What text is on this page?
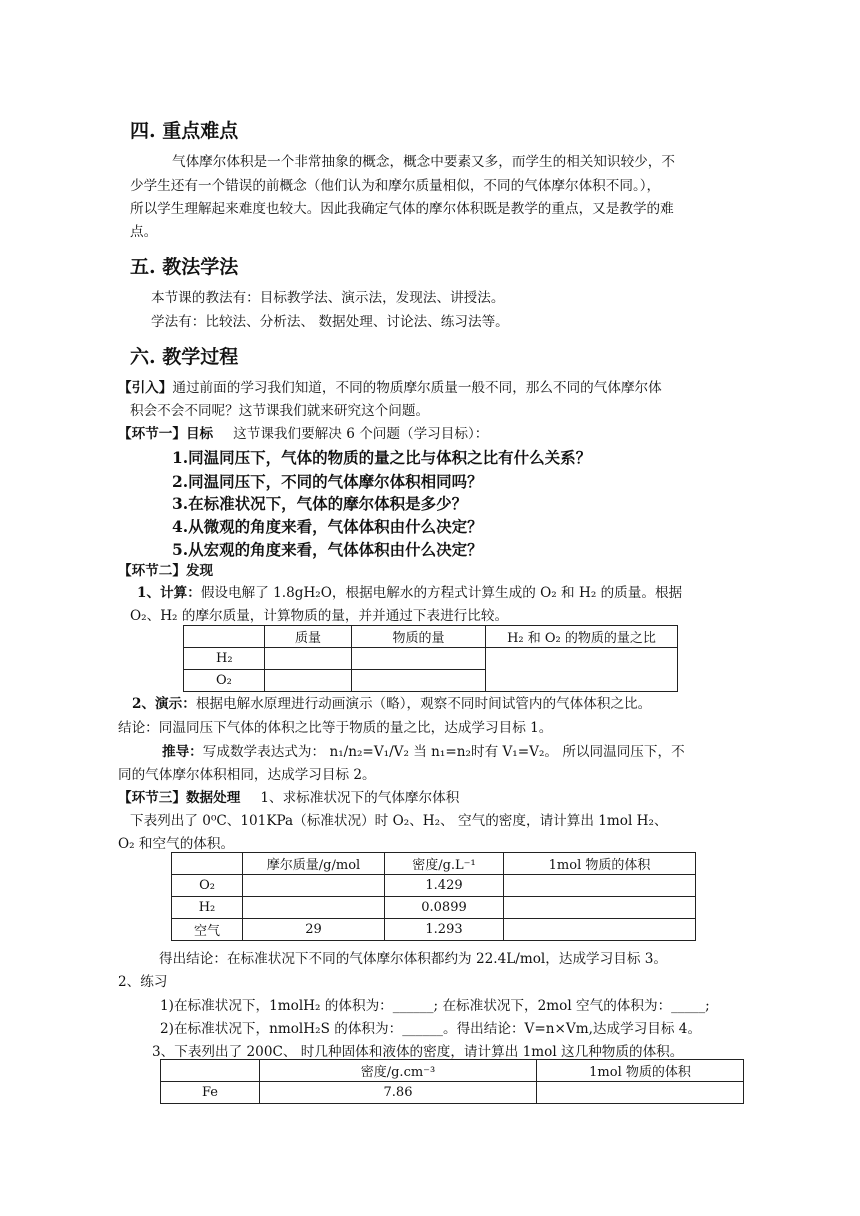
四. 重点难点
气体摩尔体积是一个非常抽象的概念，概念中要素又多，而学生的相关知识较少，不
少学生还有一个错误的前概念（他们认为和摩尔质量相似，不同的气体摩尔体积不同。），
所以学生理解起来难度也较大。因此我确定气体的摩尔体积既是教学的重点，又是教学的难
点。
五. 教法学法
本节课的教法有：目标教学法、演示法，发现法、讲授法。
学法有：比较法、分析法、 数据处理、讨论法、练习法等。
六. 教学过程
【引入】通过前面的学习我们知道，不同的物质摩尔质量一般不同，那么不同的气体摩尔体
积会不会不同呢？这节课我们就来研究这个问题。
【环节一】目标 这节课我们要解决 6 个问题（学习目标）：
1.同温同压下，气体的物质的量之比与体积之比有什么关系？
2.同温同压下，不同的气体摩尔体积相同吗？
3.在标准状况下，气体的摩尔体积是多少？
4.从微观的角度来看，气体体积由什么决定？
5.从宏观的角度来看，气体体积由什么决定？
【环节二】发现
1、计算：假设电解了 1.8gH₂O，根据电解水的方程式计算生成的 O₂ 和 H₂ 的质量。根据
O₂、H₂ 的摩尔质量，计算物质的量，并并通过下表进行比较。
	质量	物质的量	H₂ 和 O₂ 的物质的量之比
H₂			
O₂			
2、演示：根据电解水原理进行动画演示（略），观察不同时间试管内的气体体积之比。
结论：同温同压下气体的体积之比等于物质的量之比，达成学习目标 1。
推导：写成数学表达式为： n₁/n₂=V₁/V₂ 当 n₁=n₂时有 V₁=V₂。 所以同温同压下，不
同的气体摩尔体积相同，达成学习目标 2。
【环节三】数据处理 1、求标准状况下的气体摩尔体积
下表列出了 0⁰C、101KPa（标准状况）时 O₂、H₂、 空气的密度，请计算出 1mol H₂、
O₂ 和空气的体积。
	摩尔质量/g/mol	密度/g.L⁻¹	1mol 物质的体积
O₂		1.429	
H₂		0.0899	
空气	29	1.293	
得出结论：在标准状况下不同的气体摩尔体积都约为 22.4L/mol，达成学习目标 3。
2、练习
1)在标准状况下，1molH₂ 的体积为：______; 在标准状况下，2mol 空气的体积为：_____;
2)在标准状况下，nmolH₂S 的体积为：______。得出结论：V=n×Vm,达成学习目标 4。
3、下表列出了 200C、 时几种固体和液体的密度，请计算出 1mol 这几种物质的体积。
	密度/g.cm⁻³	1mol 物质的体积
Fe	7.86	
